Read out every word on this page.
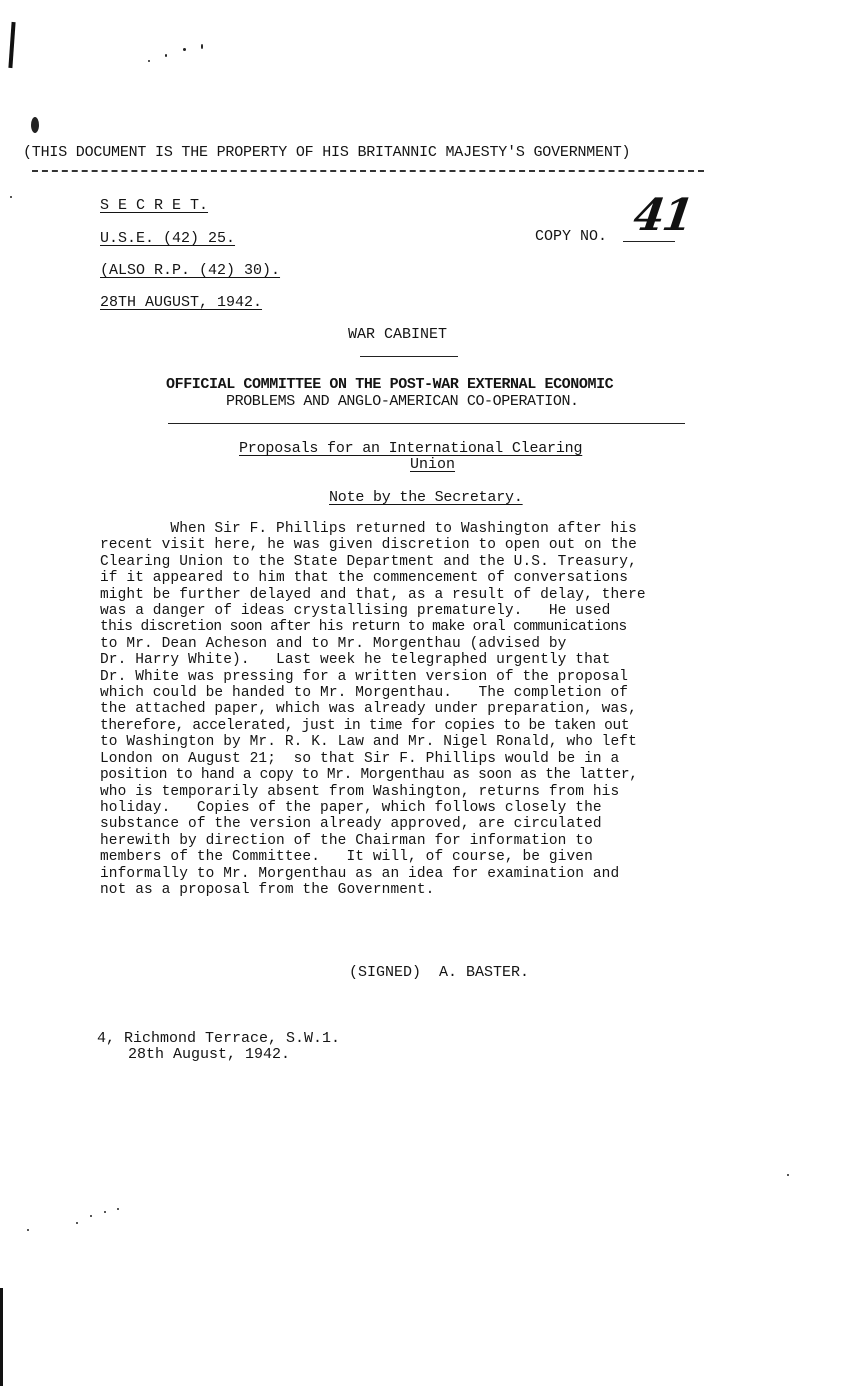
(THIS DOCUMENT IS THE PROPERTY OF HIS BRITANNIC MAJESTY'S GOVERNMENT)
S E C R E T.
U.S.E. (42) 25.
(ALSO R.P. (42) 30).
28TH AUGUST, 1942.
COPY NO. 41
WAR CABINET
OFFICIAL COMMITTEE ON THE POST-WAR EXTERNAL ECONOMIC
PROBLEMS AND ANGLO-AMERICAN CO-OPERATION.
Proposals for an International Clearing
Union
Note by the Secretary.
When Sir F. Phillips returned to Washington after his
recent visit here, he was given discretion to open out on the
Clearing Union to the State Department and the U.S. Treasury,
if it appeared to him that the commencement of conversations
might be further delayed and that, as a result of delay, there
was a danger of ideas crystallising prematurely.   He used
this discretion soon after his return to make oral communications
to Mr. Dean Acheson and to Mr. Morgenthau (advised by
Dr. Harry White).   Last week he telegraphed urgently that
Dr. White was pressing for a written version of the proposal
which could be handed to Mr. Morgenthau.   The completion of
the attached paper, which was already under preparation, was,
therefore, accelerated, just in time for copies to be taken out
to Washington by Mr. R. K. Law and Mr. Nigel Ronald, who left
London on August 21;  so that Sir F. Phillips would be in a
position to hand a copy to Mr. Morgenthau as soon as the latter,
who is temporarily absent from Washington, returns from his
holiday.   Copies of the paper, which follows closely the
substance of the version already approved, are circulated
herewith by direction of the Chairman for information to
members of the Committee.   It will, of course, be given
informally to Mr. Morgenthau as an idea for examination and
not as a proposal from the Government.
(SIGNED)  A. BASTER.
4, Richmond Terrace, S.W.1.
28th August, 1942.
